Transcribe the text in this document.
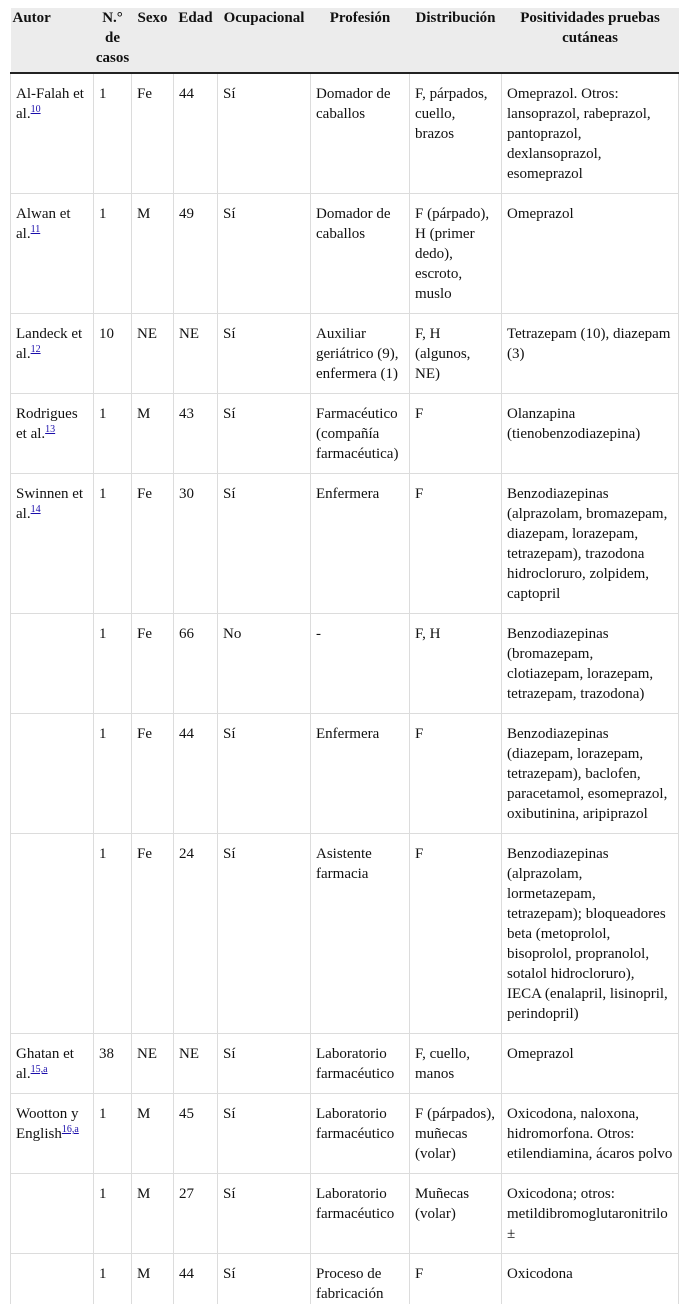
Autor	N.° de casos	Sexo	Edad	Ocupacional	Profesión	Distribución	Positividades pruebas cutáneas
Al-Falah et al.$^{10}$	1	Fe	44	Sí	Domador de caballos	F, párpados, cuello, brazos	Omeprazol. Otros: lansoprazol, rabeprazol, pantoprazol, dexlansoprazol, esomeprazol
Alwan et al.$^{11}$	1	M	49	Sí	Domador de caballos	F (párpado), H (primer dedo), escroto, muslo	Omeprazol
Landeck et al.$^{12}$	10	NE	NE	Sí	Auxiliar geriátrico (9), enfermera (1)	F, H (algunos, NE)	Tetrazepam (10), diazepam (3)
Rodrigues et al.$^{13}$	1	M	43	Sí	Farmacéutico (compañía farmacéutica)	F	Olanzapina (tienobenzodiazepina)
Swinnen et al.$^{14}$	1	Fe	30	Sí	Enfermera	F	Benzodiazepinas (alprazolam, bromazepam, diazepam, lorazepam, tetrazepam), trazodona hidrocloruro, zolpidem, captopril
	1	Fe	66	No	-	F, H	Benzodiazepinas (bromazepam, clotiazepam, lorazepam, tetrazepam, trazodona)
	1	Fe	44	Sí	Enfermera	F	Benzodiazepinas (diazepam, lorazepam, tetrazepam), baclofen, paracetamol, esomeprazol, oxibutinina, aripiprazol
	1	Fe	24	Sí	Asistente farmacia	F	Benzodiazepinas (alprazolam, lormetazepam, tetrazepam); bloqueadores beta (metoprolol, bisoprolol, propranolol, sotalol hidrocloruro), IECA (enalapril, lisinopril, perindopril)
Ghatan et al.$^{15,a}$	38	NE	NE	Sí	Laboratorio farmacéutico	F, cuello, manos	Omeprazol
Wootton y English$^{16,a}$	1	M	45	Sí	Laboratorio farmacéutico	F (párpados), muñecas (volar)	Oxicodona, naloxona, hidromorfona. Otros: etilendiamina, ácaros polvo
	1	M	27	Sí	Laboratorio farmacéutico	Muñecas (volar)	Oxicodona; otros: metildibromoglutaronitrilo ±
	1	M	44	Sí	Proceso de fabricación	F	Oxicodona
